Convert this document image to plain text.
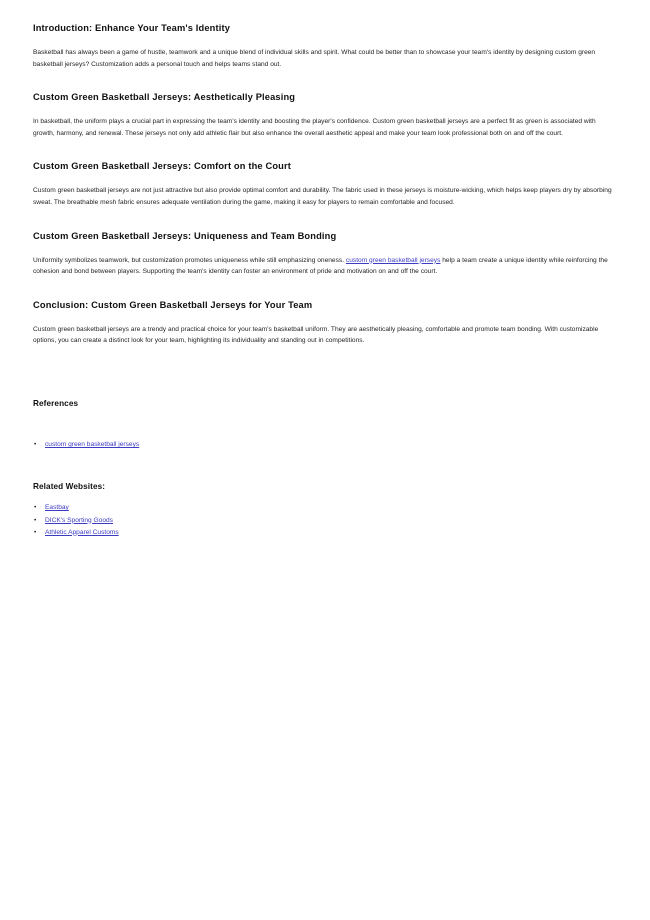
Introduction: Enhance Your Team's Identity

Basketball has always been a game of hustle, teamwork and a unique blend of individual skills and spirit. What could be better than to showcase your team's identity by designing custom green basketball jerseys? Customization adds a personal touch and helps teams stand out.

Custom Green Basketball Jerseys: Aesthetically Pleasing

In basketball, the uniform plays a crucial part in expressing the team's identity and boosting the player's confidence. Custom green basketball jerseys are a perfect fit as green is associated with growth, harmony, and renewal. These jerseys not only add athletic flair but also enhance the overall aesthetic appeal and make your team look professional both on and off the court.

Custom Green Basketball Jerseys: Comfort on the Court

Custom green basketball jerseys are not just attractive but also provide optimal comfort and durability. The fabric used in these jerseys is moisture-wicking, which helps keep players dry by absorbing sweat. The breathable mesh fabric ensures adequate ventilation during the game, making it easy for players to remain comfortable and focused.

Custom Green Basketball Jerseys: Uniqueness and Team Bonding

Uniformity symbolizes teamwork, but customization promotes uniqueness while still emphasizing oneness. custom green basketball jerseys help a team create a unique identity while reinforcing the cohesion and bond between players. Supporting the team's identity can foster an environment of pride and motivation on and off the court.

Conclusion: Custom Green Basketball Jerseys for Your Team

Custom green basketball jerseys are a trendy and practical choice for your team's basketball uniform. They are aesthetically pleasing, comfortable and promote team bonding. With customizable options, you can create a distinct look for your team, highlighting its individuality and standing out in competitions.

References
• custom green basketball jerseys
Related Websites:
• Eastbay
• DICK's Sporting Goods
• Athletic Apparel Customs
